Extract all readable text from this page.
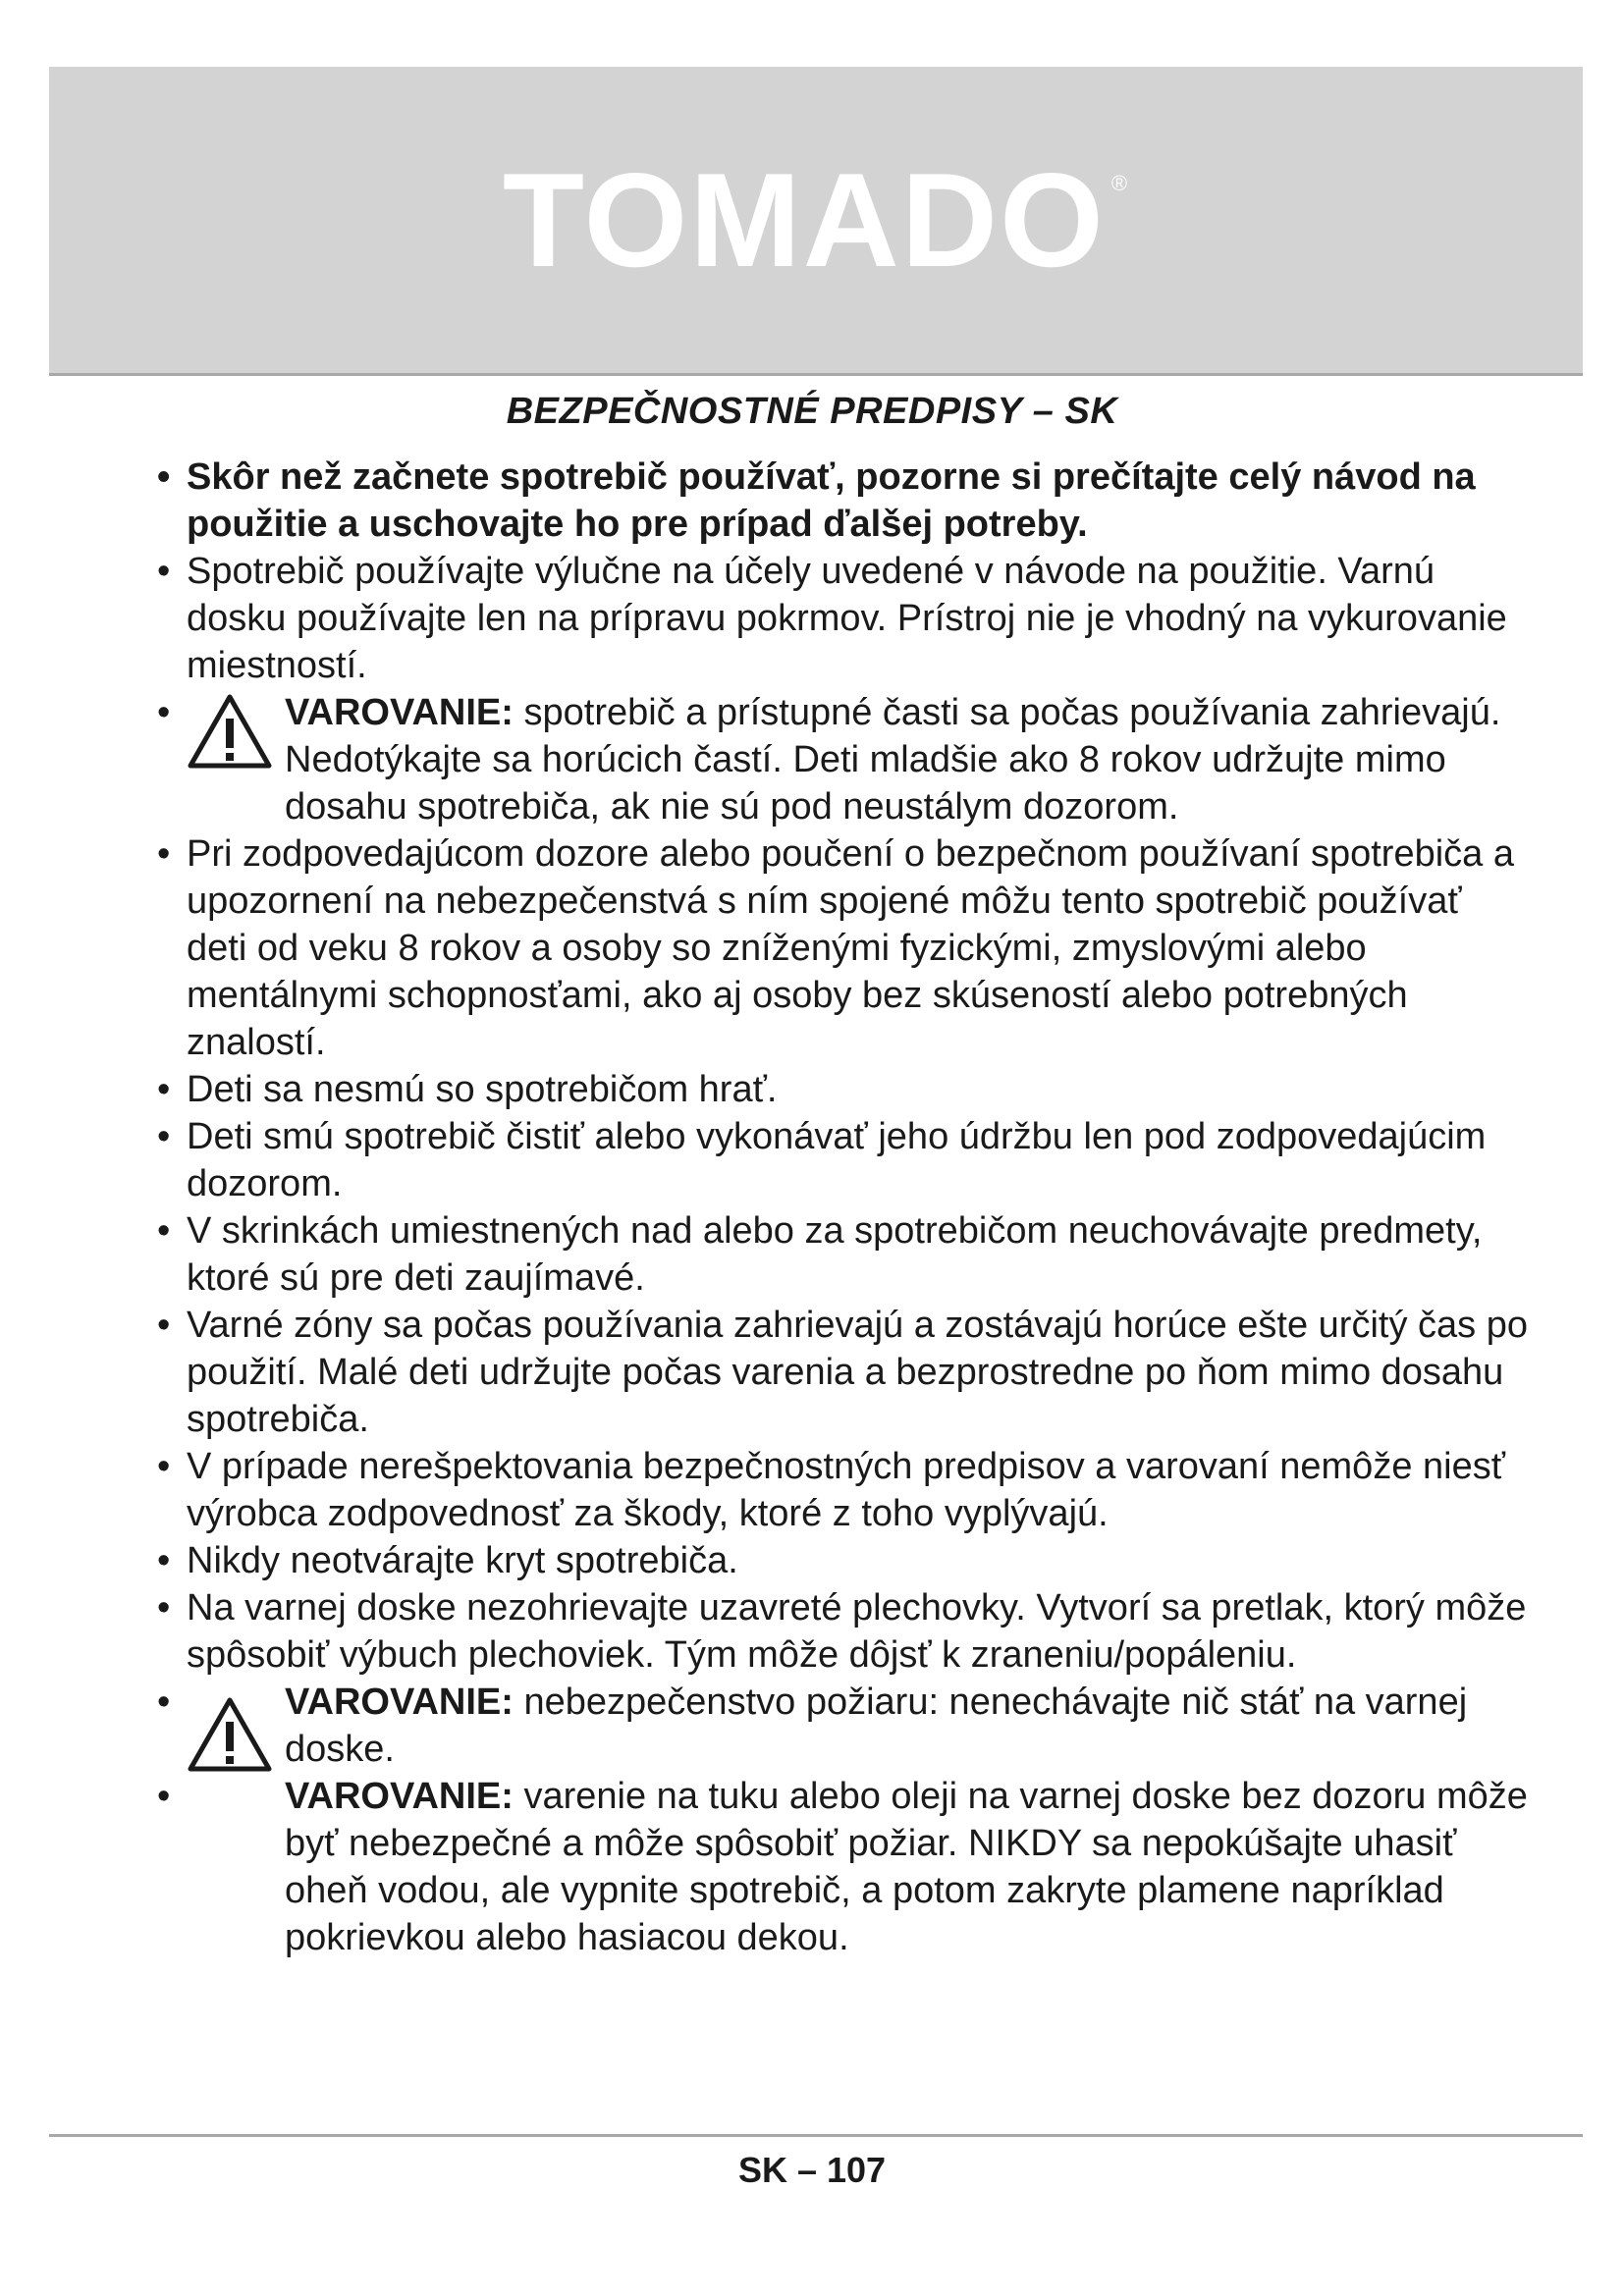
TOMADO ®
BEZPEČNOSTNÉ PREDPISY – SK

• Skôr než začnete spotrebič používať, pozorne si prečítajte celý návod na použitie a uschovajte ho pre prípad ďalšej potreby.

• Spotrebič používajte výlučne na účely uvedené v návode na použitie. Varnú dosku používajte len na prípravu pokrmov. Prístroj nie je vhodný na vykurovanie miestností.

•	VAROVANIE: spotrebič a prístupné časti sa počas používania zahrievajú. Nedotýkajte sa horúcich častí. Deti mladšie ako 8 rokov udržujte mimo dosahu spotrebiča, ak nie sú pod neustálym dozorom.

• Pri zodpovedajúcom dozore alebo poučení o bezpečnom používaní spotrebiča a upozornení na nebezpečenstvá s ním spojené môžu tento spotrebič používať deti od veku 8 rokov a osoby so zníženými fyzickými, zmyslovými alebo mentálnymi schopnosťami, ako aj osoby bez skúseností alebo potrebných znalostí.

• Deti sa nesmú so spotrebičom hrať.

• Deti smú spotrebič čistiť alebo vykonávať jeho údržbu len pod zodpovedajúcim dozorom.

• V skrinkách umiestnených nad alebo za spotrebičom neuchovávajte predmety, ktoré sú pre deti zaujímavé.

• Varné zóny sa počas používania zahrievajú a zostávajú horúce ešte určitý čas po použití. Malé deti udržujte počas varenia a bezprostredne po ňom mimo dosahu spotrebiča.

• V prípade nerešpektovania bezpečnostných predpisov a varovaní nemôže niesť výrobca zodpovednosť za škody, ktoré z toho vyplývajú.

• Nikdy neotvárajte kryt spotrebiča.

• Na varnej doske nezohrievajte uzavreté plechovky. Vytvorí sa pretlak, ktorý môže spôsobiť výbuch plechoviek. Tým môže dôjsť k zraneniu/popáleniu.

•	VAROVANIE: nebezpečenstvo požiaru: nenechávajte nič stáť na varnej doske.

•	VAROVANIE: varenie na tuku alebo oleji na varnej doske bez dozoru môže byť nebezpečné a môže spôsobiť požiar. NIKDY sa nepokúšajte uhasiť oheň vodou, ale vypnite spotrebič, a potom zakryte plamene napríklad pokrievkou alebo hasiacou dekou.

SK – 107
